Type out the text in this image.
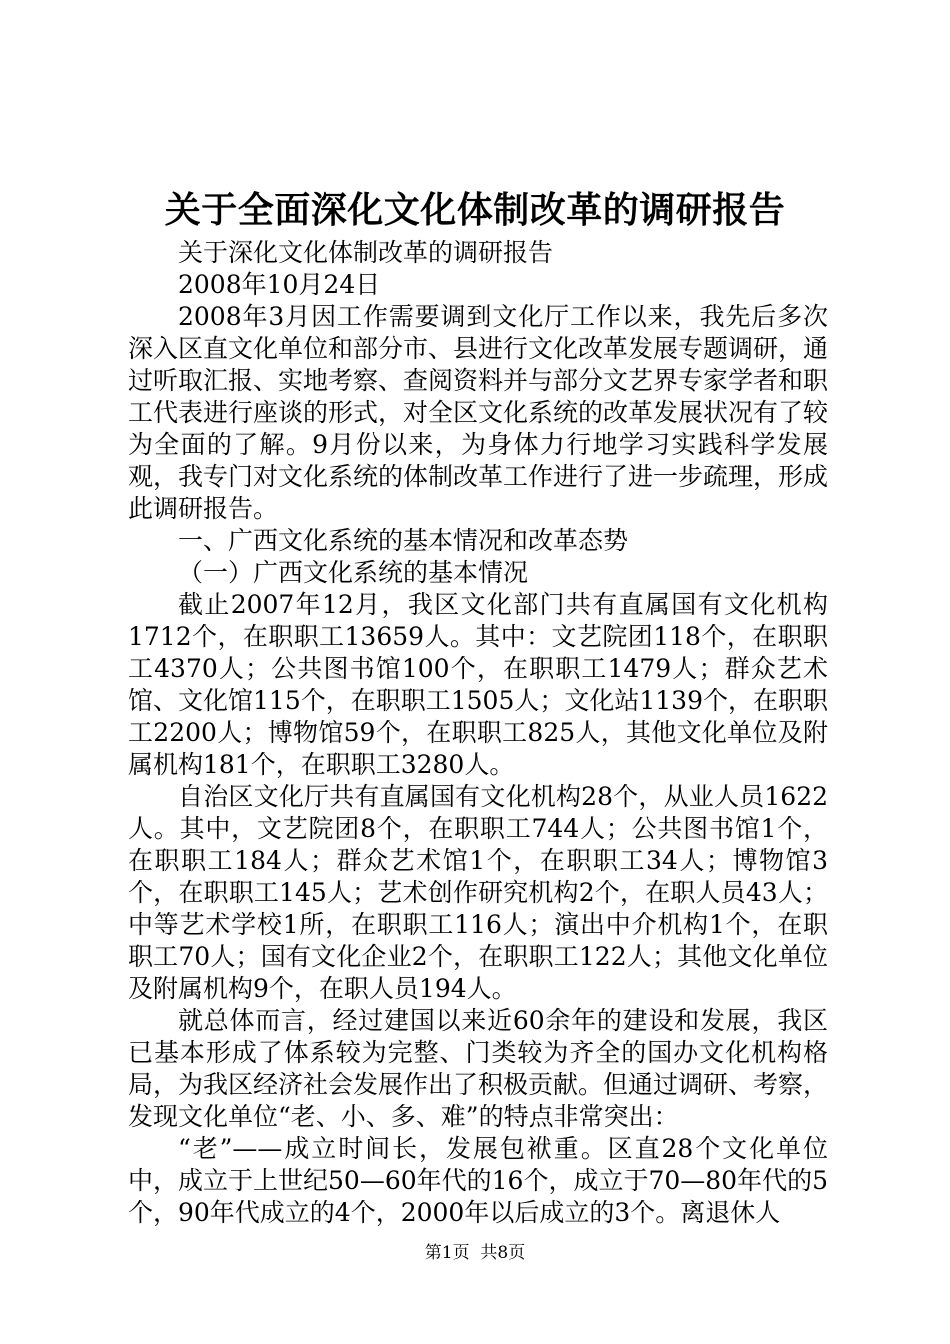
关于全面深化文化体制改革的调研报告

关于深化文化体制改革的调研报告

2008年10月24日

2008年3月因工作需要调到文化厅工作以来，我先后多次深入区直文化单位和部分市、县进行文化改革发展专题调研，通过听取汇报、实地考察、查阅资料并与部分文艺界专家学者和职工代表进行座谈的形式，对全区文化系统的改革发展状况有了较为全面的了解。9月份以来，为身体力行地学习实践科学发展观，我专门对文化系统的体制改革工作进行了进一步疏理，形成此调研报告。

一、广西文化系统的基本情况和改革态势

（一）广西文化系统的基本情况

截止2007年12月，我区文化部门共有直属国有文化机构1712个，在职职工13659人。其中：文艺院团118个，在职职工4370人；公共图书馆100个，在职职工1479人；群众艺术馆、文化馆115个，在职职工1505人；文化站1139个，在职职工2200人；博物馆59个，在职职工825人，其他文化单位及附属机构181个，在职职工3280人。

自治区文化厅共有直属国有文化机构28个，从业人员1622人。其中，文艺院团8个，在职职工744人；公共图书馆1个，在职职工184人；群众艺术馆1个，在职职工34人；博物馆3个，在职职工145人；艺术创作研究机构2个，在职人员43人；中等艺术学校1所，在职职工116人；演出中介机构1个，在职职工70人；国有文化企业2个，在职职工122人；其他文化单位及附属机构9个，在职人员194人。

就总体而言，经过建国以来近60余年的建设和发展，我区已基本形成了体系较为完整、门类较为齐全的国办文化机构格局，为我区经济社会发展作出了积极贡献。但通过调研、考察，发现文化单位“老、小、多、难”的特点非常突出：

“老”——成立时间长，发展包袱重。区直28个文化单位中，成立于上世纪50—60年代的16个，成立于70—80年代的5个，90年代成立的4个，2000年以后成立的3个。离退休人

第1页  共8页
